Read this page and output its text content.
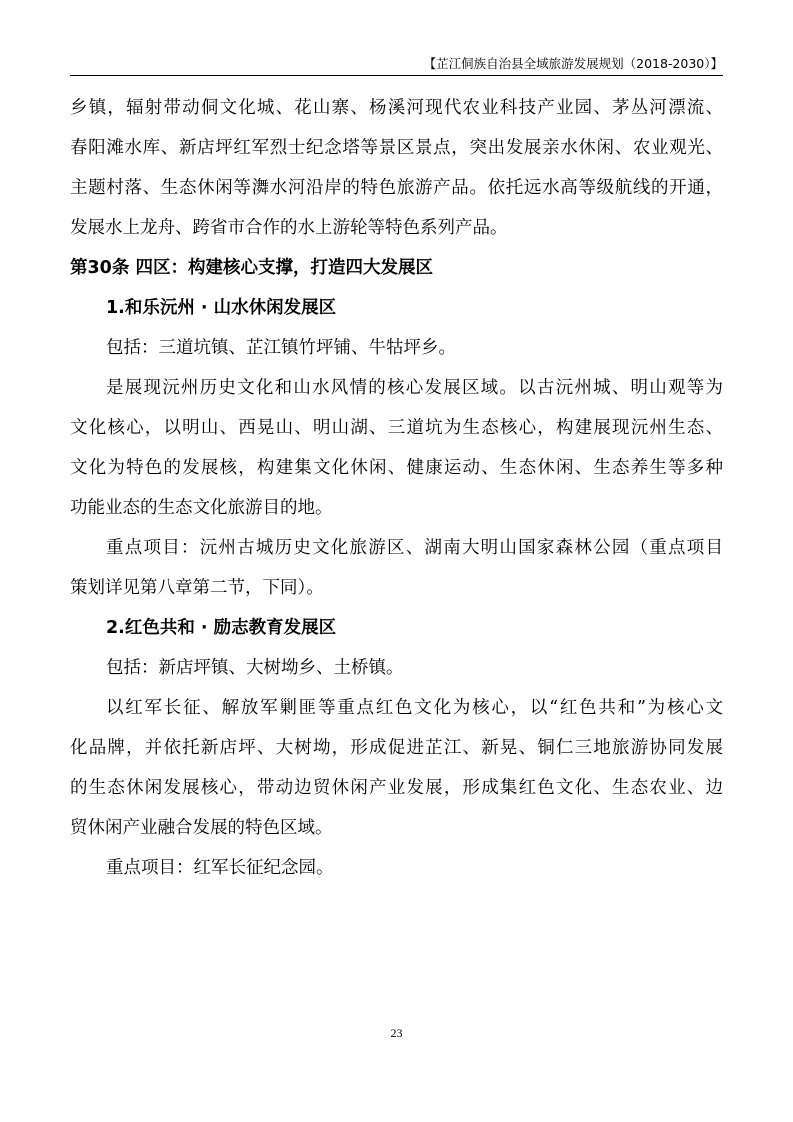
【芷江侗族自治县全域旅游发展规划（2018-2030）】
乡镇，辐射带动侗文化城、花山寨、杨溪河现代农业科技产业园、茅丛河漂流、
春阳滩水库、新店坪红军烈士纪念塔等景区景点，突出发展亲水休闲、农业观光、
主题村落、生态休闲等㵲水河沿岸的特色旅游产品。依托远水高等级航线的开通，
发展水上龙舟、跨省市合作的水上游轮等特色系列产品。
第30条 四区：构建核心支撑，打造四大发展区
1.和乐沅州 · 山水休闲发展区
包括：三道坑镇、芷江镇竹坪铺、牛牯坪乡。
是展现沅州历史文化和山水风情的核心发展区域。以古沅州城、明山观等为
文化核心，以明山、西晃山、明山湖、三道坑为生态核心，构建展现沅州生态、
文化为特色的发展核，构建集文化休闲、健康运动、生态休闲、生态养生等多种
功能业态的生态文化旅游目的地。
重点项目：沅州古城历史文化旅游区、湖南大明山国家森林公园（重点项目
策划详见第八章第二节，下同）。
2.红色共和 · 励志教育发展区
包括：新店坪镇、大树坳乡、土桥镇。
以红军长征、解放军剿匪等重点红色文化为核心，以“红色共和”为核心文
化品牌，并依托新店坪、大树坳，形成促进芷江、新晃、铜仁三地旅游协同发展
的生态休闲发展核心，带动边贸休闲产业发展，形成集红色文化、生态农业、边
贸休闲产业融合发展的特色区域。
重点项目：红军长征纪念园。
23
